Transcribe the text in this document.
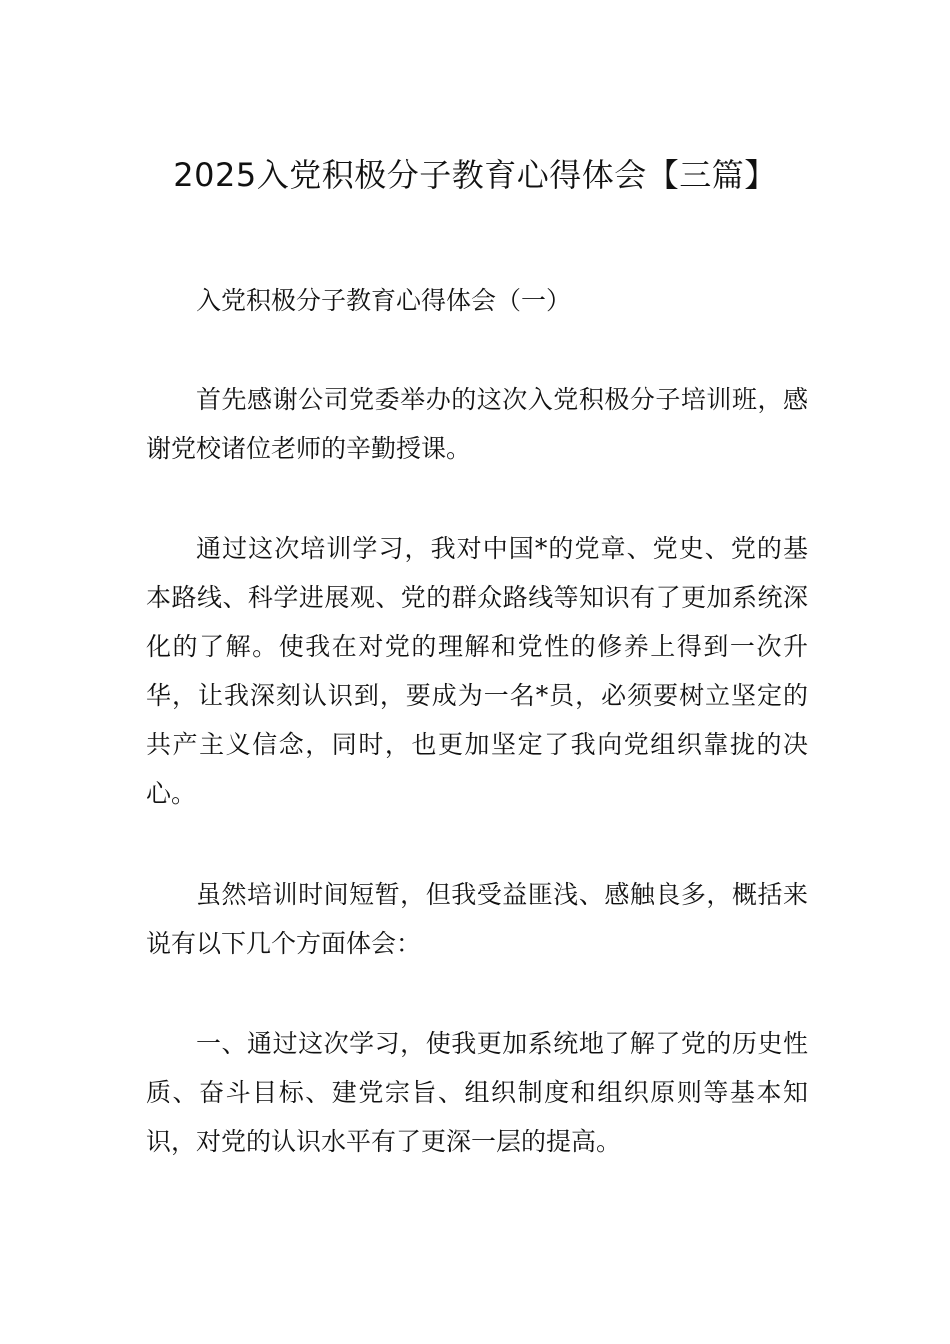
2025入党积极分子教育心得体会【三篇】

入党积极分子教育心得体会（一）

首先感谢公司党委举办的这次入党积极分子培训班，感谢党校诸位老师的辛勤授课。

通过这次培训学习，我对中国*的党章、党史、党的基本路线、科学进展观、党的群众路线等知识有了更加系统深化的了解。使我在对党的理解和党性的修养上得到一次升华，让我深刻认识到，要成为一名*员，必须要树立坚定的共产主义信念，同时，也更加坚定了我向党组织靠拢的决心。

虽然培训时间短暂，但我受益匪浅、感触良多，概括来说有以下几个方面体会：

一、通过这次学习，使我更加系统地了解了党的历史性质、奋斗目标、建党宗旨、组织制度和组织原则等基本知识，对党的认识水平有了更深一层的提高。
